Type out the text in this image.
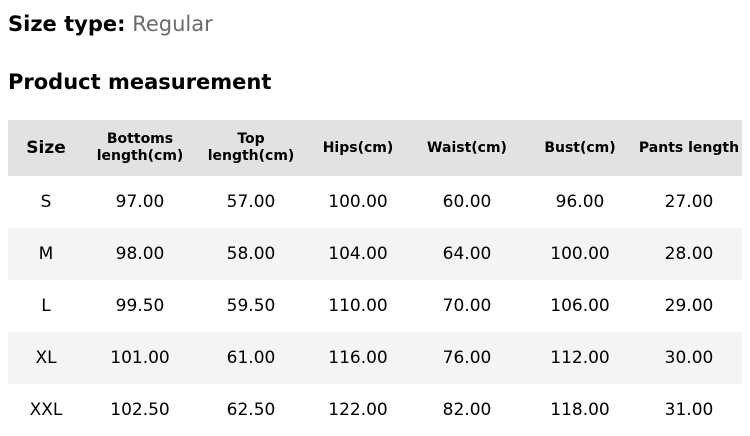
Size type: Regular
Product measurement
Size	Bottoms length(cm)	Top length(cm)	Hips(cm)	Waist(cm)	Bust(cm)	Pants length
S	97.00	57.00	100.00	60.00	96.00	27.00
M	98.00	58.00	104.00	64.00	100.00	28.00
L	99.50	59.50	110.00	70.00	106.00	29.00
XL	101.00	61.00	116.00	76.00	112.00	30.00
XXL	102.50	62.50	122.00	82.00	118.00	31.00
